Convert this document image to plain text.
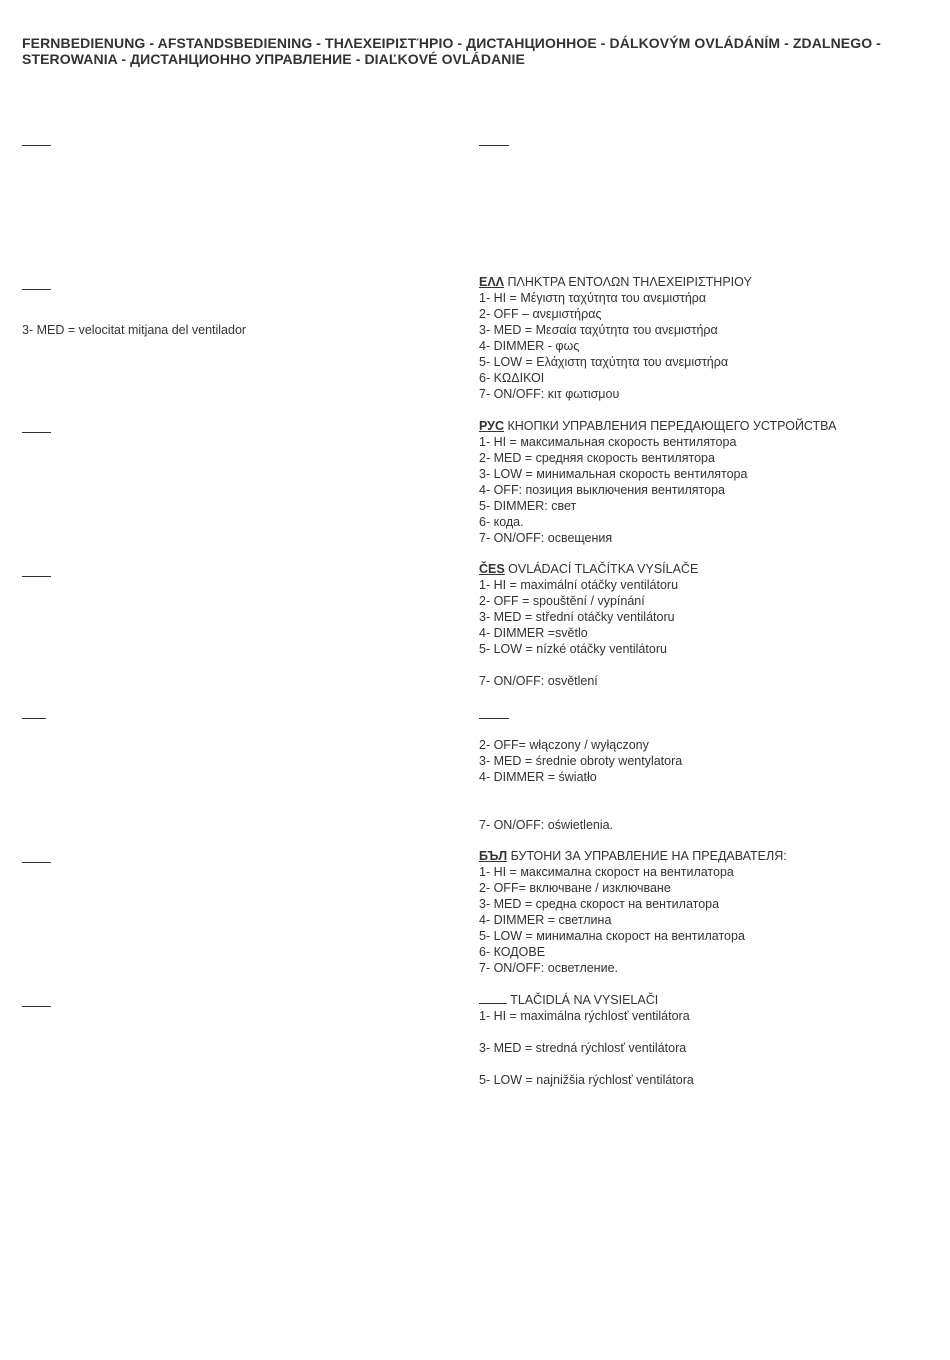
FERNBEDIENUNG - AFSTANDSBEDIENING - ΤΗΛΕΧΕΙΡΙΣΤΉΡΙΟ - ДИСТАНЦИОННОЕ - DÁLKOVÝM OVLÁDÁNÍM - ZDALNEGO - STEROWANIA - ДИСТАНЦИОННО УПРАВЛЕНИЕ - DIAĽKOVÉ OVLÁDANIE
3- MED = velocitat mitjana del ventilador
ΕΛΛ ΠΛΗΚΤΡΑ ΕΝΤΟΛΩΝ ΤΗΛΕΧΕΙΡΙΣΤΗΡΙΟΥ
1- HI = Μέγιστη ταχύτητα του ανεμιστήρα
2- OFF – ανεμιστήρας
3- MED = Μεσαία ταχύτητα του ανεμιστήρα
4- DIMMER - φως
5- LOW = Ελάχιστη ταχύτητα του ανεμιστήρα
6- ΚΩΔΙΚΟΙ
7- ON/OFF: κιτ φωτισμου
РУС КНОПКИ УПРАВЛЕНИЯ ПЕРЕДАЮЩЕГО УСТРОЙСТВА
1- HI = максимальная скорость вентилятора
2- MED = средняя скорость вентилятора
3- LOW = минимальная скорость вентилятора
4- OFF: позиция выключения вентилятора
5- DIMMER: свет
6- кода.
7- ON/OFF: освещения
ČES OVLÁDACÍ TLAČÍTKA VYSÍLAČE
1- HI = maximální otáčky ventilátoru
2- OFF = spouštění / vypínání
3- MED = střední otáčky ventilátoru
4- DIMMER =světlo
5- LOW = nízké otáčky ventilátoru
7- ON/OFF: osvětlení
2- OFF= włączony / wyłączony
3- MED = średnie obroty wentylatora
4- DIMMER = światło
7- ON/OFF: oświetlenia.
БЪЛ БУТОНИ ЗА УПРАВЛЕНИЕ НА ПРЕДАВАТЕЛЯ:
1- HI = максимална скорост на вентилатора
2- OFF= включване / изключване
3- MED = средна скорост на вентилатора
4- DIMMER = светлина
5- LOW = минимална скорост на вентилатора
6- КОДОВЕ
7- ON/OFF: осветление.
TLAČIDLÁ NA VYSIELAČI
1- HI = maximálna rýchlosť ventilátora
3- MED = stredná rýchlosť ventilátora
5- LOW = najnižšia rýchlosť ventilátora
